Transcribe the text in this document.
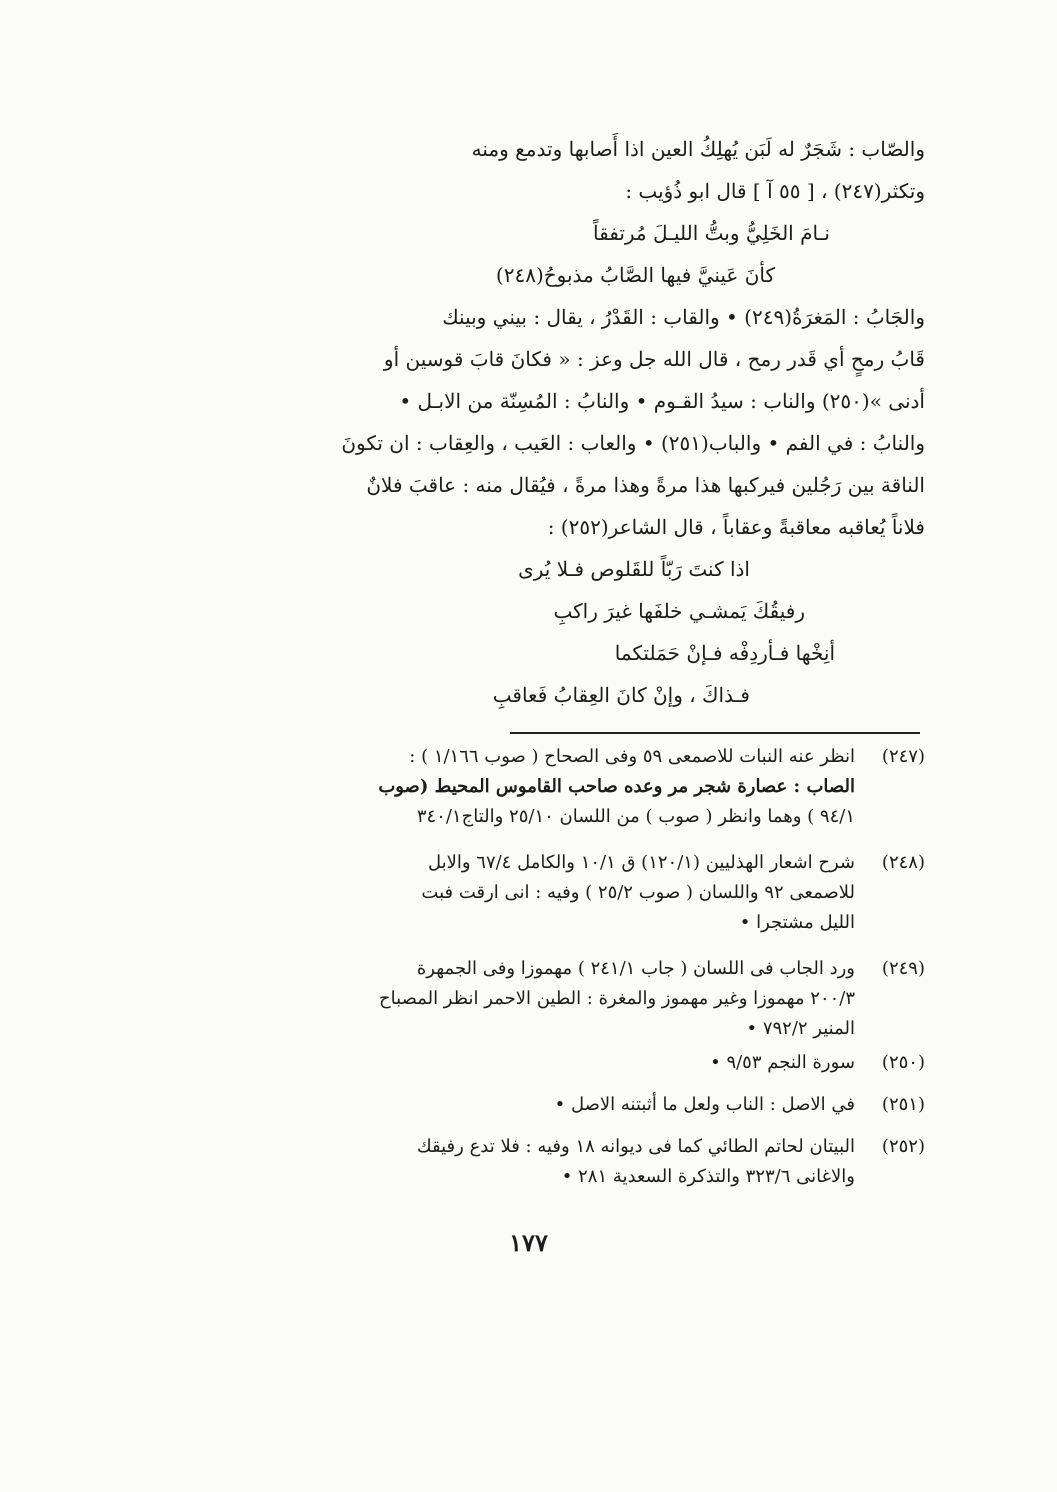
والصّاب : شَجَرٌ له لَبَن يُهلِكُ العين اذا أَصابها وتدمع ومنه
وتكثر(٢٤٧) ، [ ٥٥ آ ] قال ابو ذُؤيب :
نـامَ الخَلِيُّ وبتُّ الليـلَ مُرتفقاً
كأنَ عَينيَّ فيها الصَّابُ مذبوحُ(٢٤٨)
والجَابُ : المَغرَةُ(٢٤٩) • والقاب : القَدْرُ ، يقال : بيني وبينك
قَابُ رمحٍ أي قَدر رمح ، قال الله جل وعز : « فكانَ قابَ قوسين أو
أدنى »(٢٥٠) والناب : سيدُ القـوم • والنابُ : المُسِنّة من الابـل •
والنابُ : في الفم • والباب(٢٥١) • والعاب : العَيب ، والعِقاب : ان تكونَ
الناقة بين رَجُلين فيركبها هذا مرةً وهذا مرةً ، فيُقال منه : عاقبَ فلانٌ
فلاناً يُعاقبه معاقبةً وعقاباً ، قال الشاعر(٢٥٢) :
اذا كنتَ رَبّاً للقَلوص فـلا يُرى
رفيقُكَ يَمشـي خلفَها غيرَ راكبِ
أنِخْها فـأردِفْه فـإنْ حَمَلتكما
فـذاكَ ، وإنْ كانَ العِقابُ فَعاقبِ
(٢٤٧)
انظر عنه النبات للاصمعى ٥٩ وفى الصحاح ( صوب ١/١٦٦ ) :
الصاب : عصارة شجر مر وعده صاحب القاموس المحيط (صوب
٩٤/١ ) وهما وانظر ( صوب ) من اللسان ٢٥/١٠ والتاج٣٤٠/١
(٢٤٨)
شرح اشعار الهذليين (١٢٠/١) ق ١٠/١ والكامل ٦٧/٤ والابل
للاصمعى ٩٢ واللسان ( صوب ٢٥/٢ ) وفيه : انى ارقت فبت
الليل مشتجرا •
(٢٤٩)
ورد الجاب فى اللسان ( جاب ٢٤١/١ ) مهموزا وفى الجمهرة
٢٠٠/٣ مهموزا وغير مهموز والمغرة : الطين الاحمر انظر المصباح
المنير ٧٩٢/٢ •
(٢٥٠)
سورة النجم ٩/٥٣ •
(٢٥١)
في الاصل : الناب ولعل ما أثبتنه الاصل •
(٢٥٢)
البيتان لحاتم الطائي كما فى ديوانه ١٨ وفيه : فلا تدع رفيقك
والاغانى ٣٢٣/٦ والتذكرة السعدية ٢٨١ •
١٧٧
